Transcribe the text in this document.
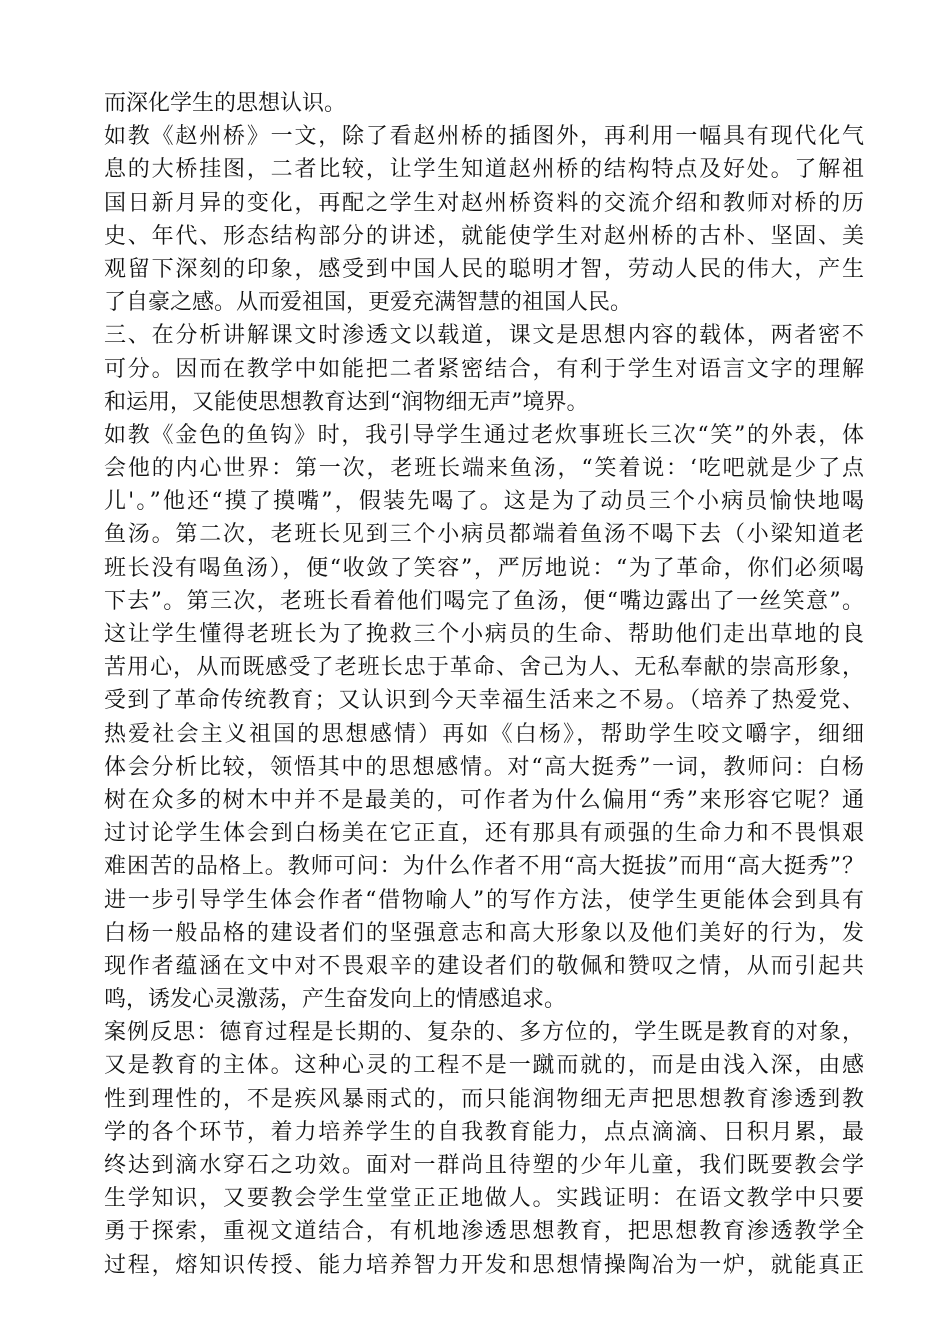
而深化学生的思想认识。
如教《赵州桥》一文，除了看赵州桥的插图外，再利用一幅具有现代化气
息的大桥挂图，二者比较，让学生知道赵州桥的结构特点及好处。了解祖
国日新月异的变化，再配之学生对赵州桥资料的交流介绍和教师对桥的历
史、年代、形态结构部分的讲述，就能使学生对赵州桥的古朴、坚固、美
观留下深刻的印象，感受到中国人民的聪明才智，劳动人民的伟大，产生
了自豪之感。从而爱祖国，更爱充满智慧的祖国人民。
三、在分析讲解课文时渗透文以载道，课文是思想内容的载体，两者密不
可分。因而在教学中如能把二者紧密结合，有利于学生对语言文字的理解
和运用，又能使思想教育达到“润物细无声”境界。
如教《金色的鱼钩》时，我引导学生通过老炊事班长三次“笑”的外表，体
会他的内心世界：第一次，老班长端来鱼汤，“笑着说：‘吃吧就是少了点
儿'。”他还“摸了摸嘴”，假装先喝了。这是为了动员三个小病员愉快地喝
鱼汤。第二次，老班长见到三个小病员都端着鱼汤不喝下去（小梁知道老
班长没有喝鱼汤），便“收敛了笑容”，严厉地说：“为了革命，你们必须喝
下去”。第三次，老班长看着他们喝完了鱼汤，便“嘴边露出了一丝笑意”。
这让学生懂得老班长为了挽救三个小病员的生命、帮助他们走出草地的良
苦用心，从而既感受了老班长忠于革命、舍己为人、无私奉献的崇高形象，
受到了革命传统教育；又认识到今天幸福生活来之不易。（培养了热爱党、
热爱社会主义祖国的思想感情）再如《白杨》，帮助学生咬文嚼字，细细
体会分析比较，领悟其中的思想感情。对“高大挺秀”一词，教师问：白杨
树在众多的树木中并不是最美的，可作者为什么偏用“秀”来形容它呢？通
过讨论学生体会到白杨美在它正直，还有那具有顽强的生命力和不畏惧艰
难困苦的品格上。教师可问：为什么作者不用“高大挺拔”而用“高大挺秀”？
进一步引导学生体会作者“借物喻人”的写作方法，使学生更能体会到具有
白杨一般品格的建设者们的坚强意志和高大形象以及他们美好的行为，发
现作者蕴涵在文中对不畏艰辛的建设者们的敬佩和赞叹之情，从而引起共
鸣，诱发心灵激荡，产生奋发向上的情感追求。
案例反思：德育过程是长期的、复杂的、多方位的，学生既是教育的对象，
又是教育的主体。这种心灵的工程不是一蹴而就的，而是由浅入深，由感
性到理性的，不是疾风暴雨式的，而只能润物细无声把思想教育渗透到教
学的各个环节，着力培养学生的自我教育能力，点点滴滴、日积月累，最
终达到滴水穿石之功效。面对一群尚且待塑的少年儿童，我们既要教会学
生学知识，又要教会学生堂堂正正地做人。实践证明：在语文教学中只要
勇于探索，重视文道结合，有机地渗透思想教育，把思想教育渗透教学全
过程，熔知识传授、能力培养智力开发和思想情操陶冶为一炉，就能真正
